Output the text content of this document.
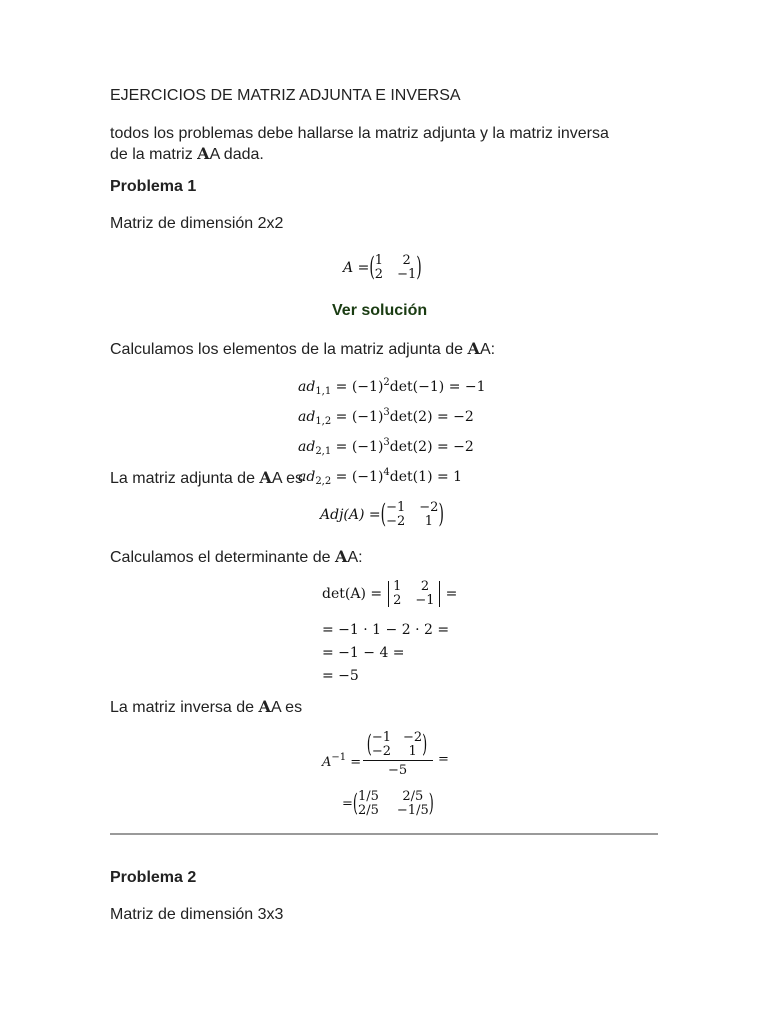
EJERCICIOS DE MATRIZ ADJUNTA E INVERSA
todos los problemas debe hallarse la matriz adjunta y la matriz inversa
de la matriz AA dada.
Problema 1
Matriz de dimensión 2x2
A =( 1	2
2 −1 )
Ver solución
Calculamos los elementos de la matriz adjunta de AA:
$ad_{1,1} = (-1)^2\det(-1) = -1$
$ad_{1,2} = (-1)^3\det(2) = -2$
$ad_{2,1} = (-1)^3\det(2) = -2$
$ad_{2,2} = (-1)^4\det(1) = 1$
La matriz adjunta de AA es
Adj(A) =( −1 −2
−2	1 )
Calculamos el determinante de AA:
det(A) = 1	2
2 −1 =
= −1 · 1 − 2 · 2 =
= −1 − 4 =
= −5
La matriz inversa de AA es
$A^{-1}$ =
( −1 −2
−2	1 )
−5
=
=( 1/5	2/5
2/5 −1/5 )
Problema 2
Matriz de dimensión 3x3
